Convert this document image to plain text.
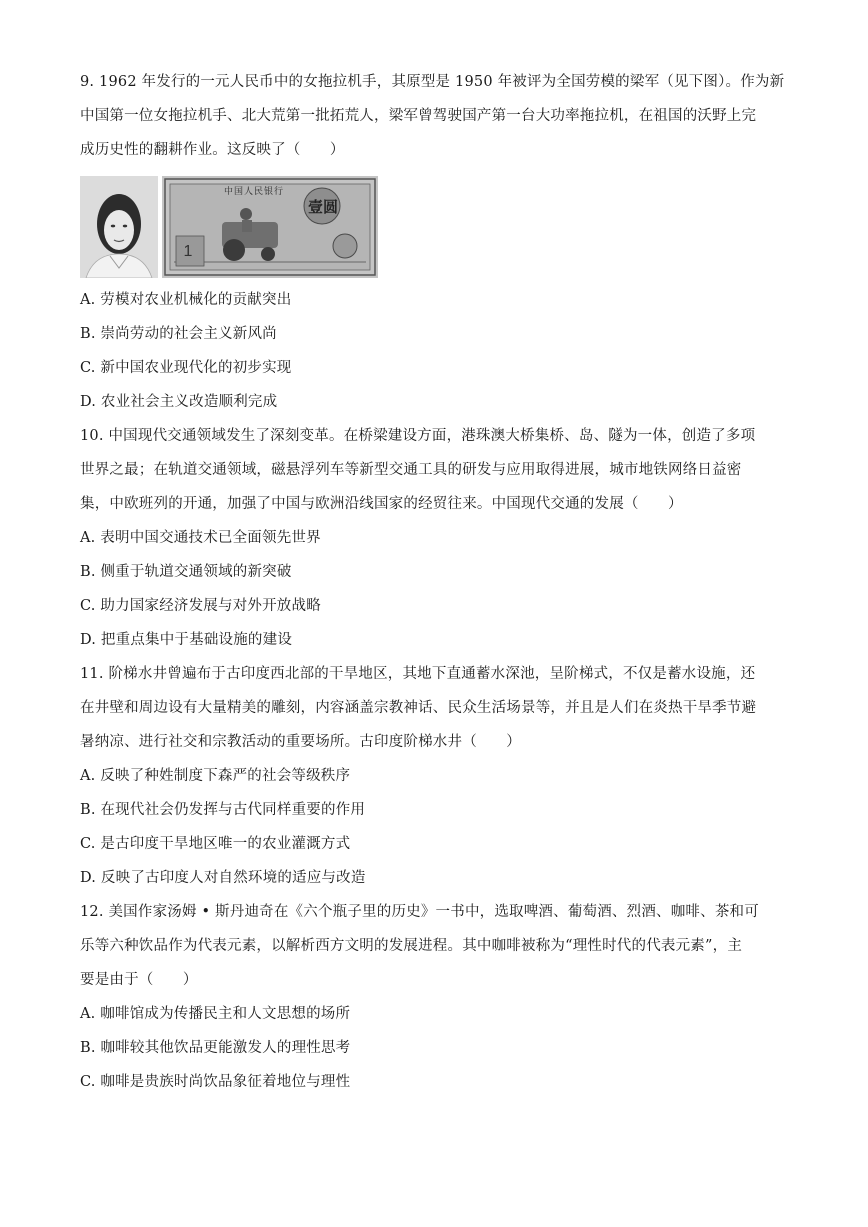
9. 1962 年发行的一元人民币中的女拖拉机手，其原型是 1950 年被评为全国劳模的梁军（见下图）。作为新
中国第一位女拖拉机手、北大荒第一批拓荒人，梁军曾驾驶国产第一台大功率拖拉机，在祖国的沃野上完
成历史性的翻耕作业。这反映了（　　）
1
中国人民银行
壹圆
A. 劳模对农业机械化的贡献突出
B. 崇尚劳动的社会主义新风尚
C. 新中国农业现代化的初步实现
D. 农业社会主义改造顺利完成
10. 中国现代交通领域发生了深刻变革。在桥梁建设方面，港珠澳大桥集桥、岛、隧为一体，创造了多项
世界之最；在轨道交通领域，磁悬浮列车等新型交通工具的研发与应用取得进展，城市地铁网络日益密
集，中欧班列的开通，加强了中国与欧洲沿线国家的经贸往来。中国现代交通的发展（　　）
A. 表明中国交通技术已全面领先世界
B. 侧重于轨道交通领域的新突破
C. 助力国家经济发展与对外开放战略
D. 把重点集中于基础设施的建设
11. 阶梯水井曾遍布于古印度西北部的干旱地区，其地下直通蓄水深池，呈阶梯式，不仅是蓄水设施，还
在井壁和周边设有大量精美的雕刻，内容涵盖宗教神话、民众生活场景等，并且是人们在炎热干旱季节避
暑纳凉、进行社交和宗教活动的重要场所。古印度阶梯水井（　　）
A. 反映了种姓制度下森严的社会等级秩序
B. 在现代社会仍发挥与古代同样重要的作用
C. 是古印度干旱地区唯一的农业灌溉方式
D. 反映了古印度人对自然环境的适应与改造
12. 美国作家汤姆 • 斯丹迪奇在《六个瓶子里的历史》一书中，选取啤酒、葡萄酒、烈酒、咖啡、茶和可
乐等六种饮品作为代表元素，以解析西方文明的发展进程。其中咖啡被称为“理性时代的代表元素”，主
要是由于（　　）
A. 咖啡馆成为传播民主和人文思想的场所
B. 咖啡较其他饮品更能激发人的理性思考
C. 咖啡是贵族时尚饮品象征着地位与理性
